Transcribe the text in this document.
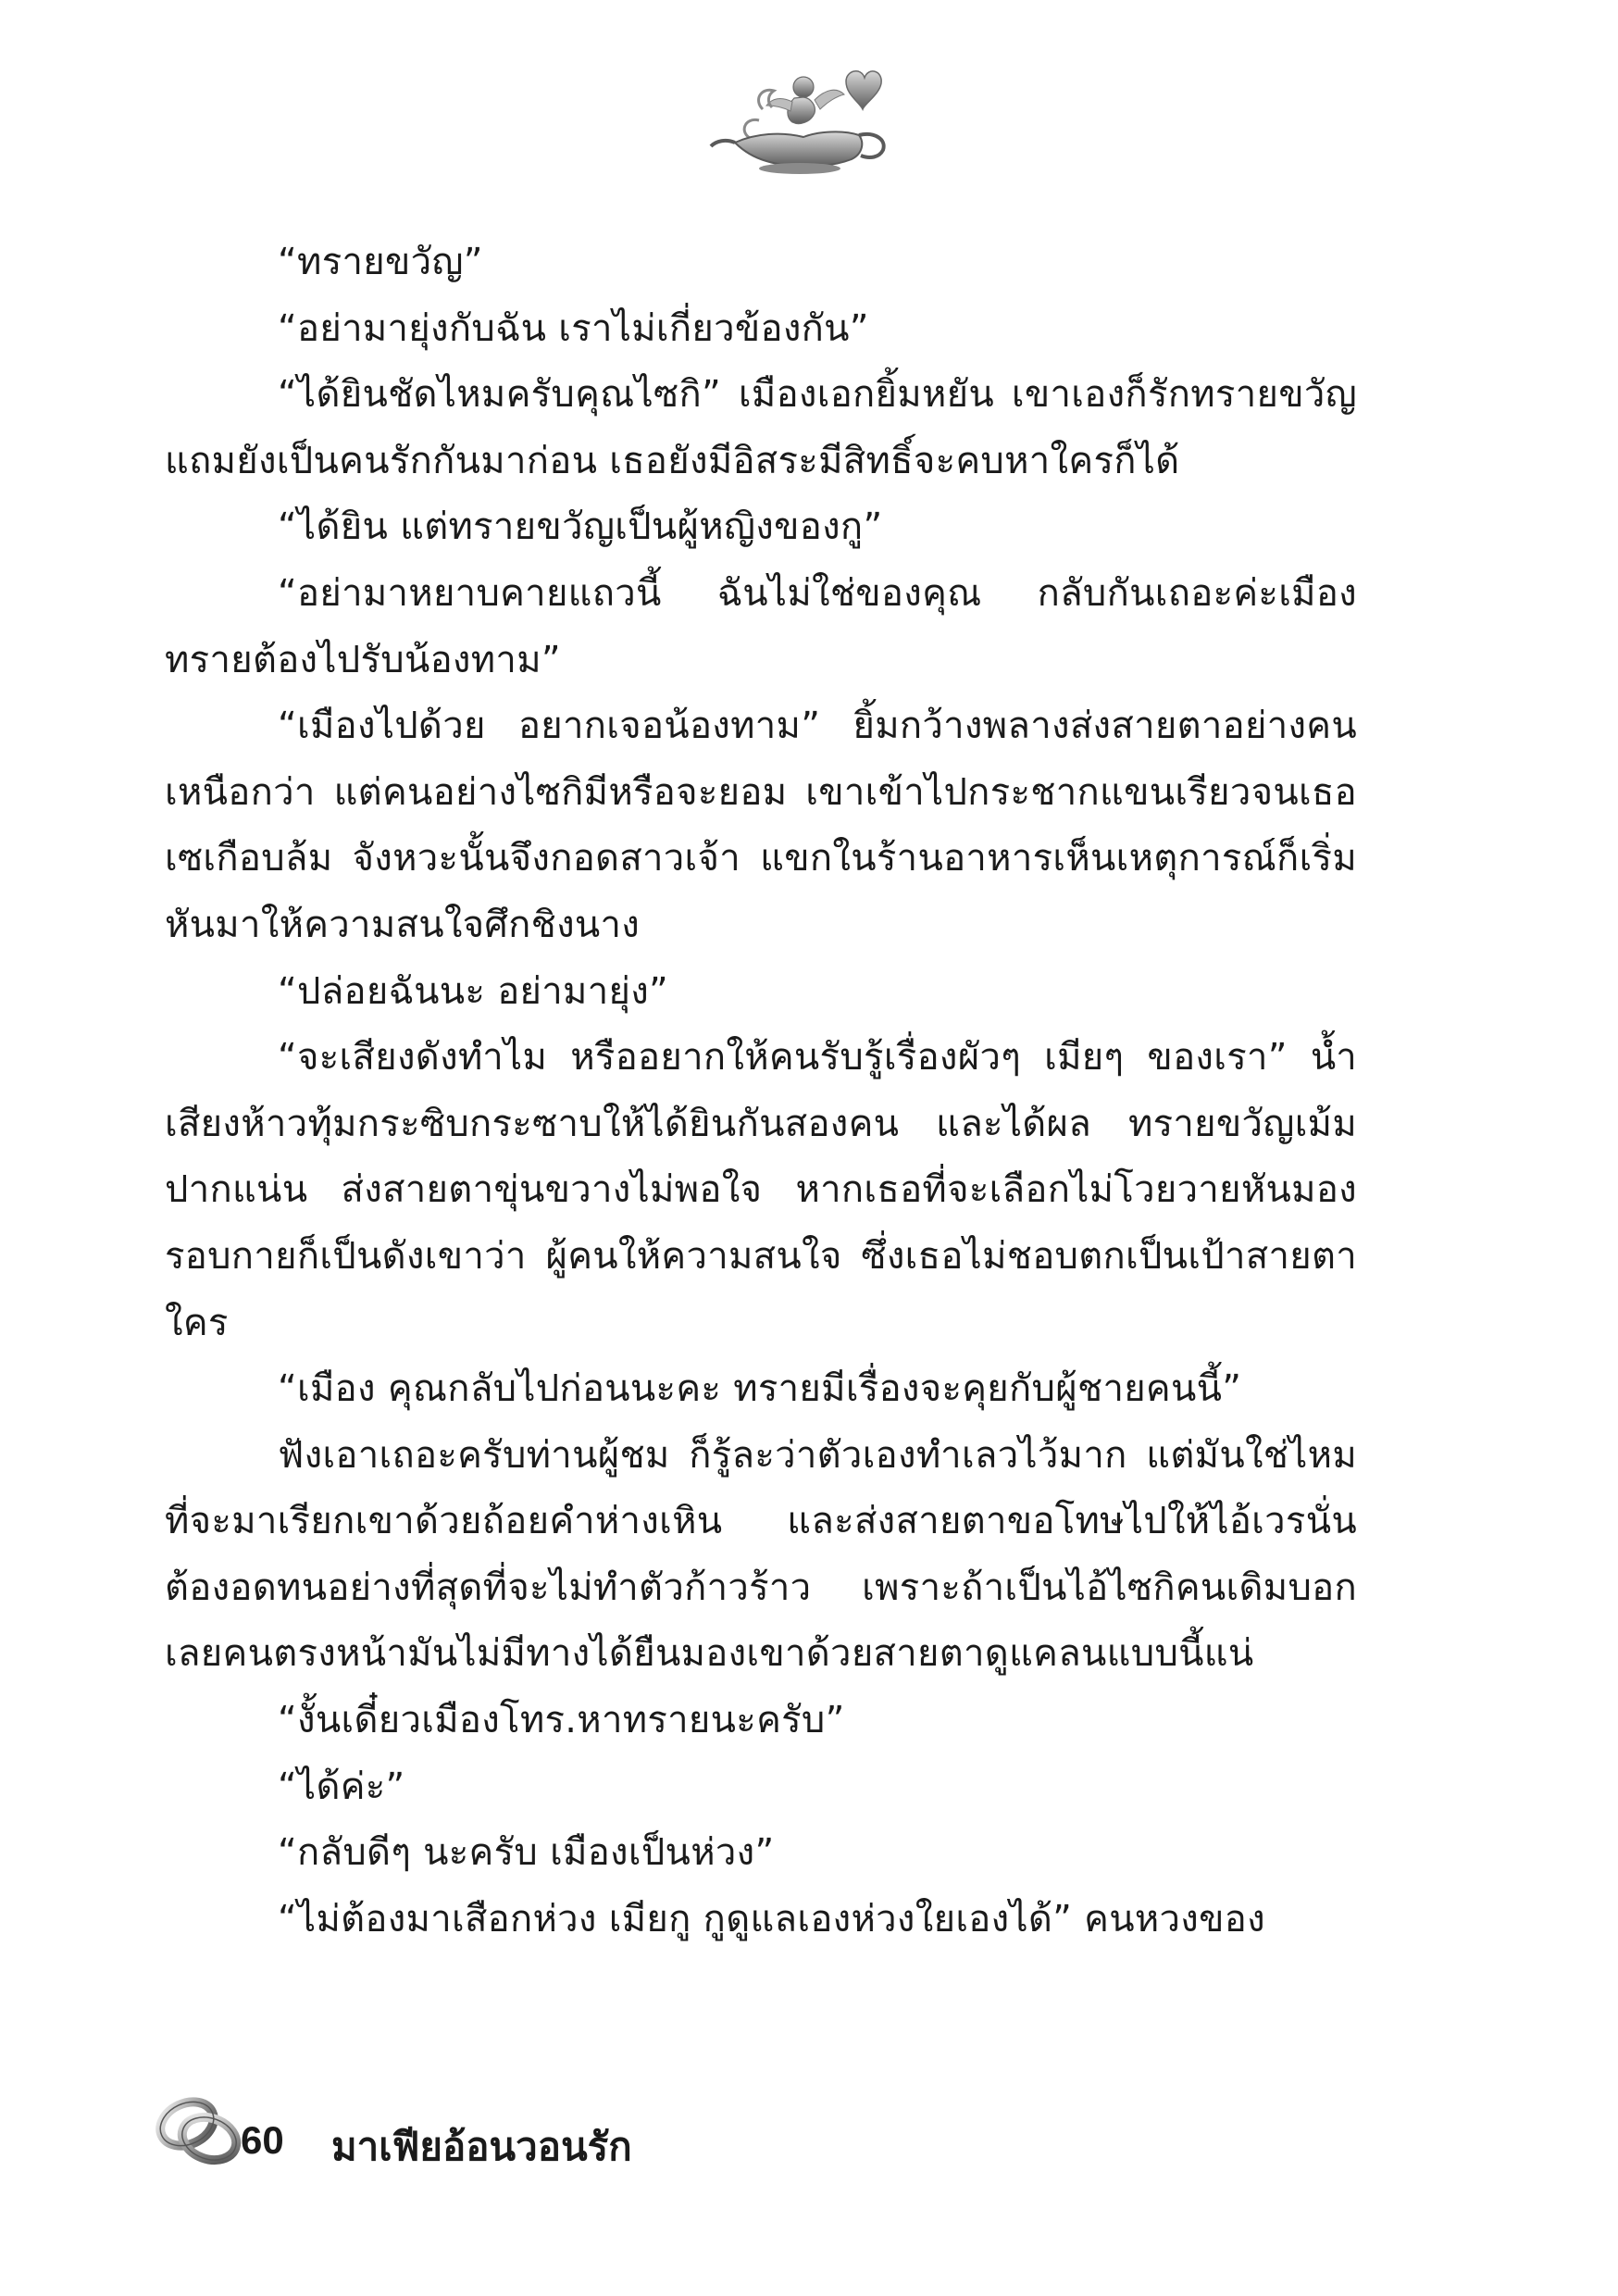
“ทรายขวัญ”

“อย่ามายุ่งกับฉัน เราไม่เกี่ยวข้องกัน”

“ได้ยินชัดไหมครับคุณไซกิ” เมืองเอกยิ้มหยัน เขาเองก็รักทรายขวัญ แถมยังเป็นคนรักกันมาก่อน เธอยังมีอิสระมีสิทธิ์จะคบหาใครก็ได้

“ได้ยิน แต่ทรายขวัญเป็นผู้หญิงของกู”

“อย่ามาหยาบคายแถวนี้ ฉันไม่ใช่ของคุณ กลับกันเถอะค่ะเมือง ทรายต้องไปรับน้องทาม”

“เมืองไปด้วย อยากเจอน้องทาม” ยิ้มกว้างพลางส่งสายตาอย่างคนเหนือกว่า แต่คนอย่างไซกิมีหรือจะยอม เขาเข้าไปกระชากแขนเรียวจนเธอเซเกือบล้ม จังหวะนั้นจึงกอดสาวเจ้า แขกในร้านอาหารเห็นเหตุการณ์ก็เริ่มหันมาให้ความสนใจศึกชิงนาง

“ปล่อยฉันนะ อย่ามายุ่ง”

“จะเสียงดังทำไม หรืออยากให้คนรับรู้เรื่องผัวๆ เมียๆ ของเรา” น้ำเสียงห้าวทุ้มกระซิบกระซาบให้ได้ยินกันสองคน และได้ผล ทรายขวัญเม้มปากแน่น ส่งสายตาขุ่นขวางไม่พอใจ หากเธอที่จะเลือกไม่โวยวายหันมองรอบกายก็เป็นดังเขาว่า ผู้คนให้ความสนใจ ซึ่งเธอไม่ชอบตกเป็นเป้าสายตาใคร

“เมือง คุณกลับไปก่อนนะคะ ทรายมีเรื่องจะคุยกับผู้ชายคนนี้”

ฟังเอาเถอะครับท่านผู้ชม ก็รู้ละว่าตัวเองทำเลวไว้มาก แต่มันใช่ไหมที่จะมาเรียกเขาด้วยถ้อยคำห่างเหิน และส่งสายตาขอโทษไปให้ไอ้เวรนั่นต้องอดทนอย่างที่สุดที่จะไม่ทำตัวก้าวร้าว เพราะถ้าเป็นไอ้ไซกิคนเดิมบอกเลยคนตรงหน้ามันไม่มีทางได้ยืนมองเขาด้วยสายตาดูแคลนแบบนี้แน่

“งั้นเดี๋ยวเมืองโทร.หาทรายนะครับ”

“ได้ค่ะ”

“กลับดีๆ นะครับ เมืองเป็นห่วง”

“ไม่ต้องมาเสือกห่วง เมียกู กูดูแลเองห่วงใยเองได้” คนหวงของ

60 มาเฟียอ้อนวอนรัก
